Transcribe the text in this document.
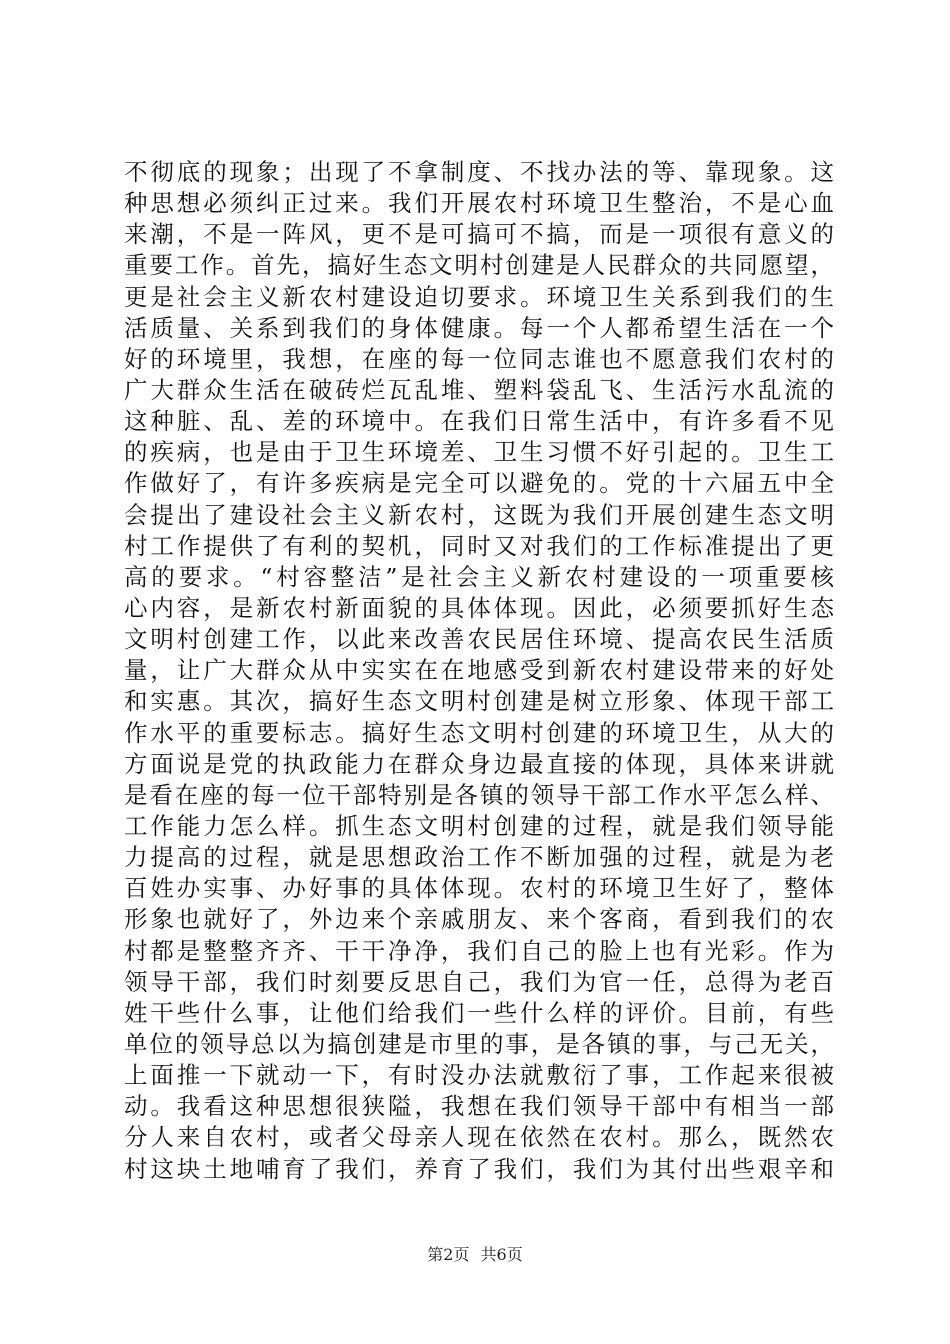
不彻底的现象；出现了不拿制度、不找办法的等、靠现象。这
种思想必须纠正过来。我们开展农村环境卫生整治，不是心血
来潮，不是一阵风，更不是可搞可不搞，而是一项很有意义的
重要工作。首先，搞好生态文明村创建是人民群众的共同愿望，
更是社会主义新农村建设迫切要求。环境卫生关系到我们的生
活质量、关系到我们的身体健康。每一个人都希望生活在一个
好的环境里，我想，在座的每一位同志谁也不愿意我们农村的
广大群众生活在破砖烂瓦乱堆、塑料袋乱飞、生活污水乱流的
这种脏、乱、差的环境中。在我们日常生活中，有许多看不见
的疾病，也是由于卫生环境差、卫生习惯不好引起的。卫生工
作做好了，有许多疾病是完全可以避免的。党的十六届五中全
会提出了建设社会主义新农村，这既为我们开展创建生态文明
村工作提供了有利的契机，同时又对我们的工作标准提出了更
高的要求。“村容整洁”是社会主义新农村建设的一项重要核
心内容，是新农村新面貌的具体体现。因此，必须要抓好生态
文明村创建工作，以此来改善农民居住环境、提高农民生活质
量，让广大群众从中实实在在地感受到新农村建设带来的好处
和实惠。其次，搞好生态文明村创建是树立形象、体现干部工
作水平的重要标志。搞好生态文明村创建的环境卫生，从大的
方面说是党的执政能力在群众身边最直接的体现，具体来讲就
是看在座的每一位干部特别是各镇的领导干部工作水平怎么样、
工作能力怎么样。抓生态文明村创建的过程，就是我们领导能
力提高的过程，就是思想政治工作不断加强的过程，就是为老
百姓办实事、办好事的具体体现。农村的环境卫生好了，整体
形象也就好了，外边来个亲戚朋友、来个客商，看到我们的农
村都是整整齐齐、干干净净，我们自己的脸上也有光彩。作为
领导干部，我们时刻要反思自己，我们为官一任，总得为老百
姓干些什么事，让他们给我们一些什么样的评价。目前，有些
单位的领导总以为搞创建是市里的事，是各镇的事，与己无关，
上面推一下就动一下，有时没办法就敷衍了事，工作起来很被
动。我看这种思想很狭隘，我想在我们领导干部中有相当一部
分人来自农村，或者父母亲人现在依然在农村。那么，既然农
村这块土地哺育了我们，养育了我们，我们为其付出些艰辛和
第2页 共6页
